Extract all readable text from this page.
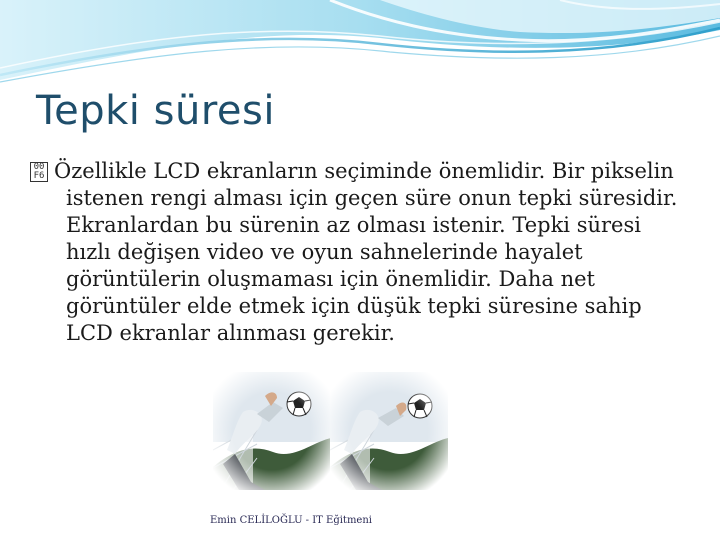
Tepki süresi
00
F6 Özellikle LCD ekranların seçiminde önemlidir. Bir pikselin istenen rengi alması için geçen süre onun tepki süresidir. Ekranlardan bu sürenin az olması istenir. Tepki süresi hızlı değişen video ve oyun sahnelerinde hayalet görüntülerin oluşmaması için önemlidir. Daha net görüntüler elde etmek için düşük tepki süresine sahip LCD ekranlar alınması gerekir.

Emin CELİLOĞLU - IT Eğitmeni
